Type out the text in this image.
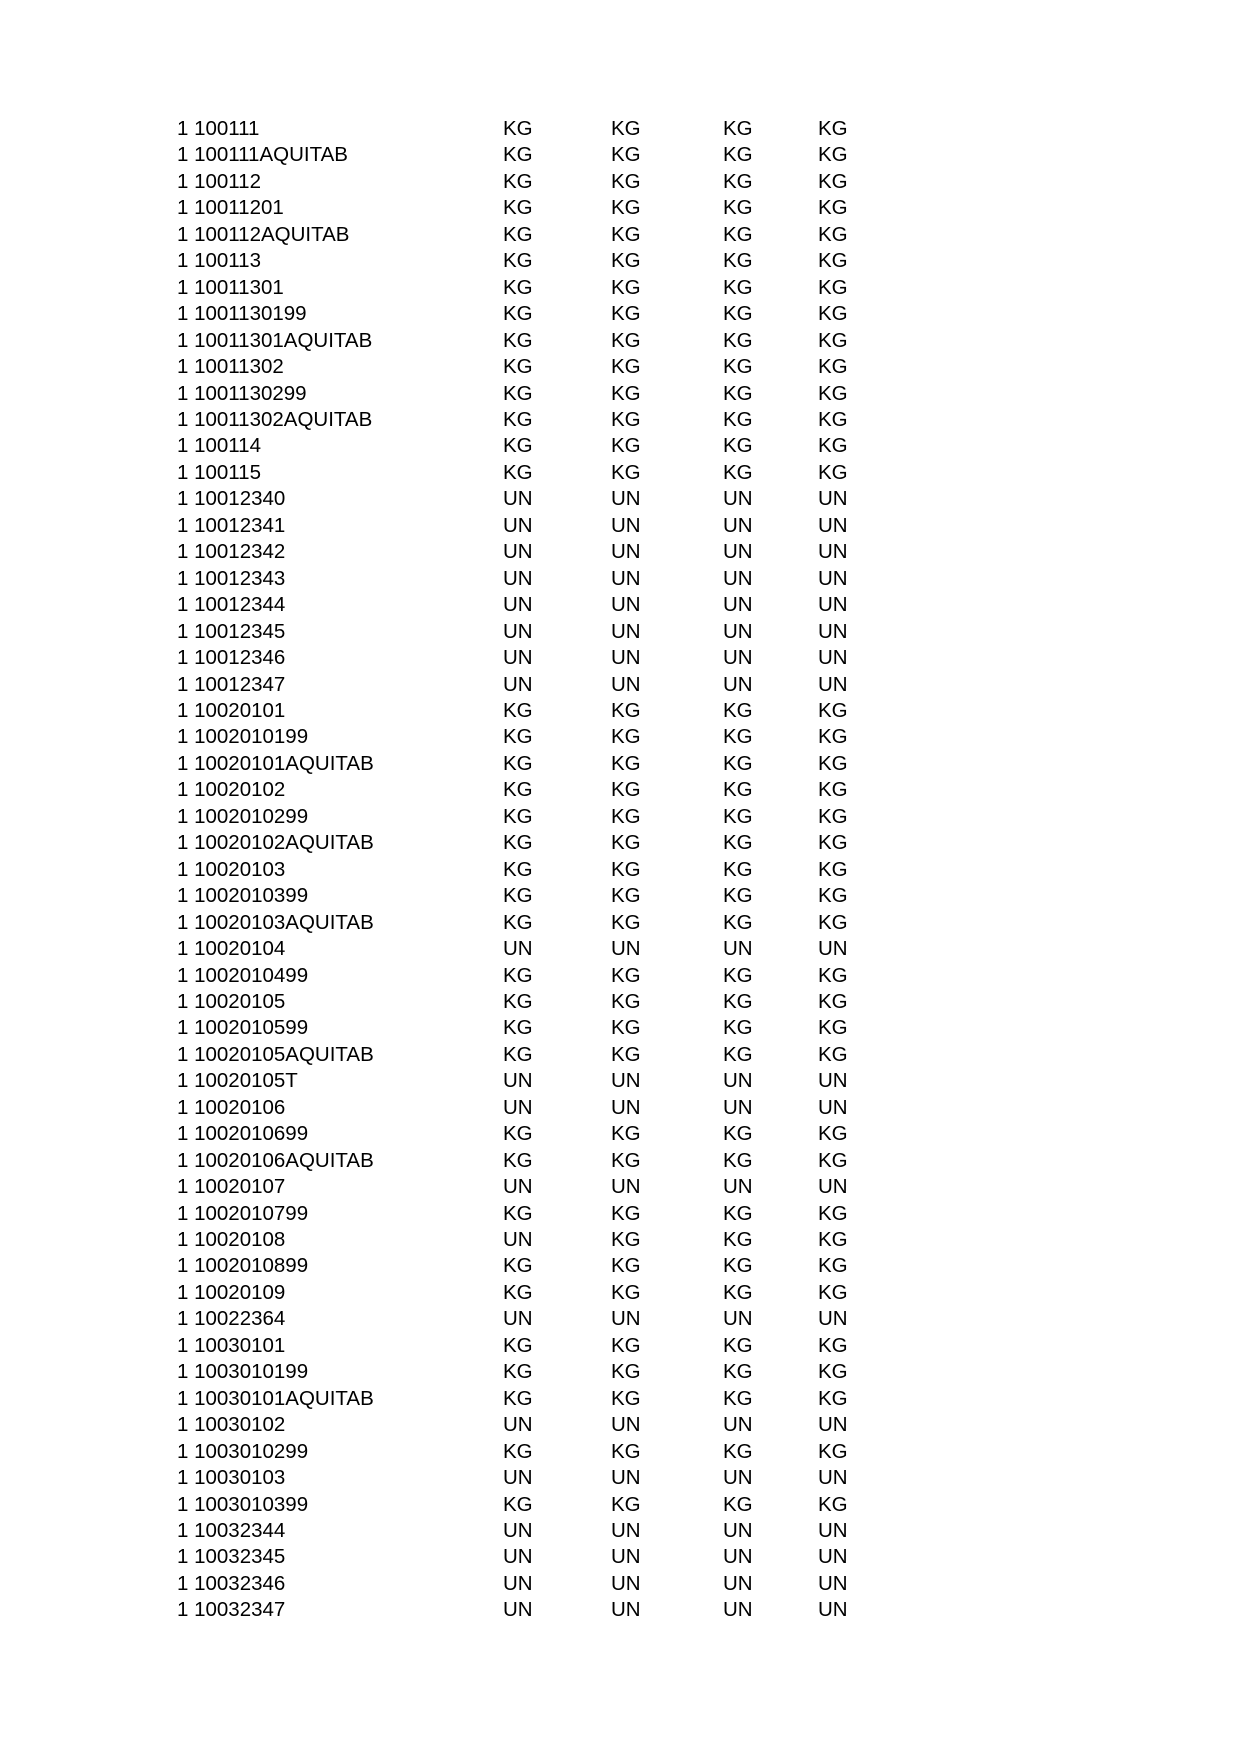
1 100111	KG	KG	KG	KG
1 100111AQUITAB	KG	KG	KG	KG
1 100112	KG	KG	KG	KG
1 10011201	KG	KG	KG	KG
1 100112AQUITAB	KG	KG	KG	KG
1 100113	KG	KG	KG	KG
1 10011301	KG	KG	KG	KG
1 1001130199	KG	KG	KG	KG
1 10011301AQUITAB	KG	KG	KG	KG
1 10011302	KG	KG	KG	KG
1 1001130299	KG	KG	KG	KG
1 10011302AQUITAB	KG	KG	KG	KG
1 100114	KG	KG	KG	KG
1 100115	KG	KG	KG	KG
1 10012340	UN	UN	UN	UN
1 10012341	UN	UN	UN	UN
1 10012342	UN	UN	UN	UN
1 10012343	UN	UN	UN	UN
1 10012344	UN	UN	UN	UN
1 10012345	UN	UN	UN	UN
1 10012346	UN	UN	UN	UN
1 10012347	UN	UN	UN	UN
1 10020101	KG	KG	KG	KG
1 1002010199	KG	KG	KG	KG
1 10020101AQUITAB	KG	KG	KG	KG
1 10020102	KG	KG	KG	KG
1 1002010299	KG	KG	KG	KG
1 10020102AQUITAB	KG	KG	KG	KG
1 10020103	KG	KG	KG	KG
1 1002010399	KG	KG	KG	KG
1 10020103AQUITAB	KG	KG	KG	KG
1 10020104	UN	UN	UN	UN
1 1002010499	KG	KG	KG	KG
1 10020105	KG	KG	KG	KG
1 1002010599	KG	KG	KG	KG
1 10020105AQUITAB	KG	KG	KG	KG
1 10020105T	UN	UN	UN	UN
1 10020106	UN	UN	UN	UN
1 1002010699	KG	KG	KG	KG
1 10020106AQUITAB	KG	KG	KG	KG
1 10020107	UN	UN	UN	UN
1 1002010799	KG	KG	KG	KG
1 10020108	UN	KG	KG	KG
1 1002010899	KG	KG	KG	KG
1 10020109	KG	KG	KG	KG
1 10022364	UN	UN	UN	UN
1 10030101	KG	KG	KG	KG
1 1003010199	KG	KG	KG	KG
1 10030101AQUITAB	KG	KG	KG	KG
1 10030102	UN	UN	UN	UN
1 1003010299	KG	KG	KG	KG
1 10030103	UN	UN	UN	UN
1 1003010399	KG	KG	KG	KG
1 10032344	UN	UN	UN	UN
1 10032345	UN	UN	UN	UN
1 10032346	UN	UN	UN	UN
1 10032347	UN	UN	UN	UN
